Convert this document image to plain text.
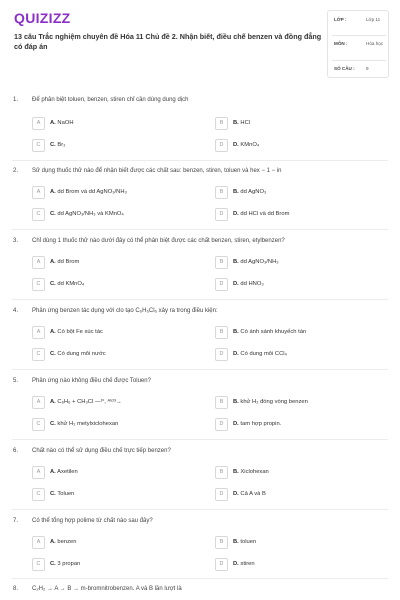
QUIZIZZ
13 câu Trắc nghiệm chuyên đề Hóa 11 Chủ đề 2. Nhận biết, điều chế benzen và đồng đẳng có đáp án
LỚP :	Lớp 11
MÔN :	Hóa học
SỐ CÂU : 9
1. Để phân biệt toluen, benzen, stiren chỉ cần dùng dung dịch
A	A. NaOH	B	B. HCl
C	C. Br₂	D	D. KMnO₄
2. Sử dụng thuốc thử nào để nhận biết được các chất sau: benzen, stiren, toluen và hex − 1 − in
A	A. dd Brom và dd AgNO₃/NH₃	B	B. dd AgNO₃
C	C. dd AgNO₃/NH₃ và KMnO₄	D	D. dd HCl và dd Brom
3. Chỉ dùng 1 thuốc thử nào dưới đây có thể phân biệt được các chất benzen, stiren, etylbenzen?
A	A. dd Brom	B	B. dd AgNO₃/NH₃
C	C. dd KMnO₄	D	D. dd HNO₃
4. Phản ứng benzen tác dụng với clo tạo C₆H₆Cl₆ xảy ra trong điều kiện:
A	A. Có bột Fe xúc tác	B	B. Có ánh sánh khuyếch tán
C	C. Có dung môi nước	D	D. Có dung môi CCl₄
5. Phản ứng nào không điều chế được Toluen?
A	A. C₆H₆ + CH₃Cl ―ᵗ°, ᴬˡᶜˡ³→	B	B. khử H₂ đóng vòng benzen
C	C. khử H₂ metylxiclohexan	D	D. tam hợp propin.
6. Chất nào có thể sử dụng điều chế trực tiếp benzen?
A	A. Axetilen	B	B. Xiclohexan
C	C. Toluen	D	D. Cả A và B
7. Có thể tổng hợp polime từ chất nào sau đây?
A	A. benzen	B	B. toluen
C	C. 3 propan	D	D. stiren
8. C₂H₂ → A → B → m-bromnitrobenzen. A và B lần lượt là
